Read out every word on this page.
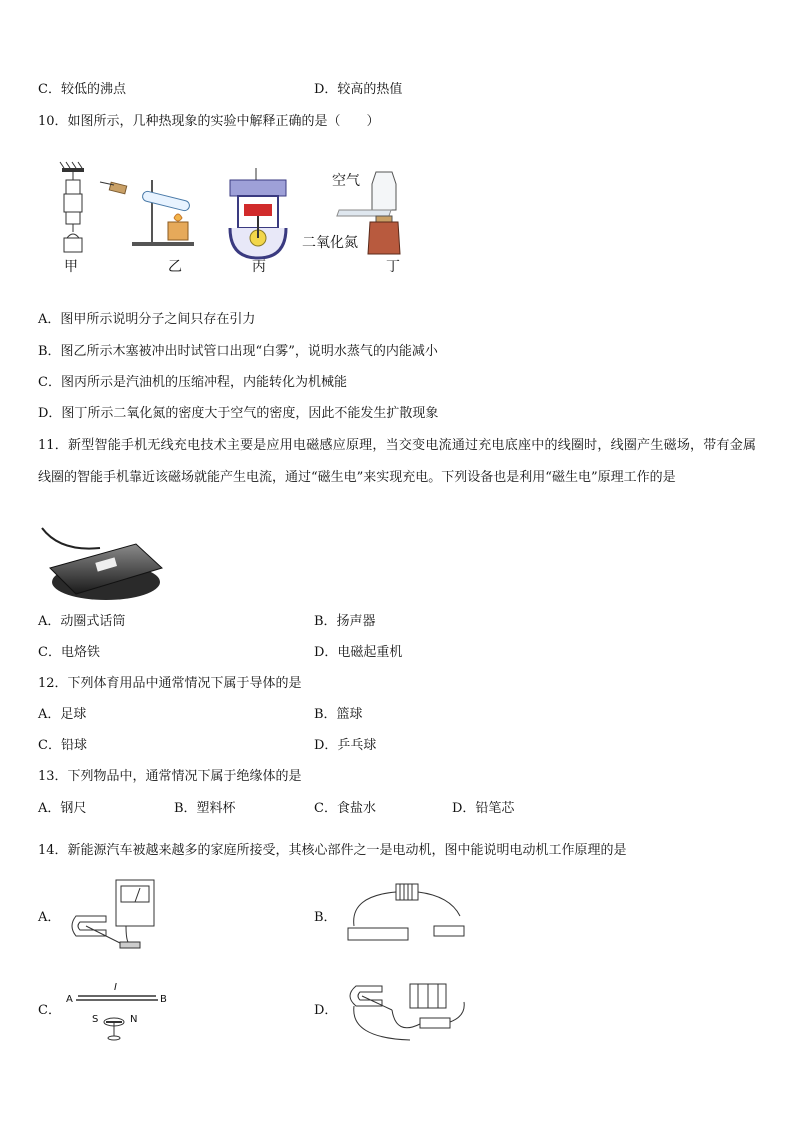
C．较低的沸点	D．较高的热值
10．如图所示，几种热现象的实验中解释正确的是（　　）
甲	乙	丙	丁
空气
二氧化氮
A．图甲所示说明分子之间只存在引力
B．图乙所示木塞被冲出时试管口出现“白雾”，说明水蒸气的内能减小
C．图丙所示是汽油机的压缩冲程，内能转化为机械能
D．图丁所示二氧化氮的密度大于空气的密度，因此不能发生扩散现象
11．新型智能手机无线充电技术主要是应用电磁感应原理，当交变电流通过充电底座中的线圈时，线圈产生磁场，带有金属线圈的智能手机靠近该磁场就能产生电流，通过“磁生电”来实现充电。下列设备也是利用“磁生电”原理工作的是
A．动圈式话筒	B．扬声器
C．电烙铁	D．电磁起重机
12．下列体育用品中通常情况下属于导体的是
A．足球	B．篮球
C．铅球	D．乒乓球
13．下列物品中，通常情况下属于绝缘体的是
A．钢尺	B．塑料杯	C．食盐水	D．铅笔芯
14．新能源汽车被越来越多的家庭所接受，其核心部件之一是电动机，图中能说明电动机工作原理的是
A．	B．
C．
A	B
I
S	N
D．
